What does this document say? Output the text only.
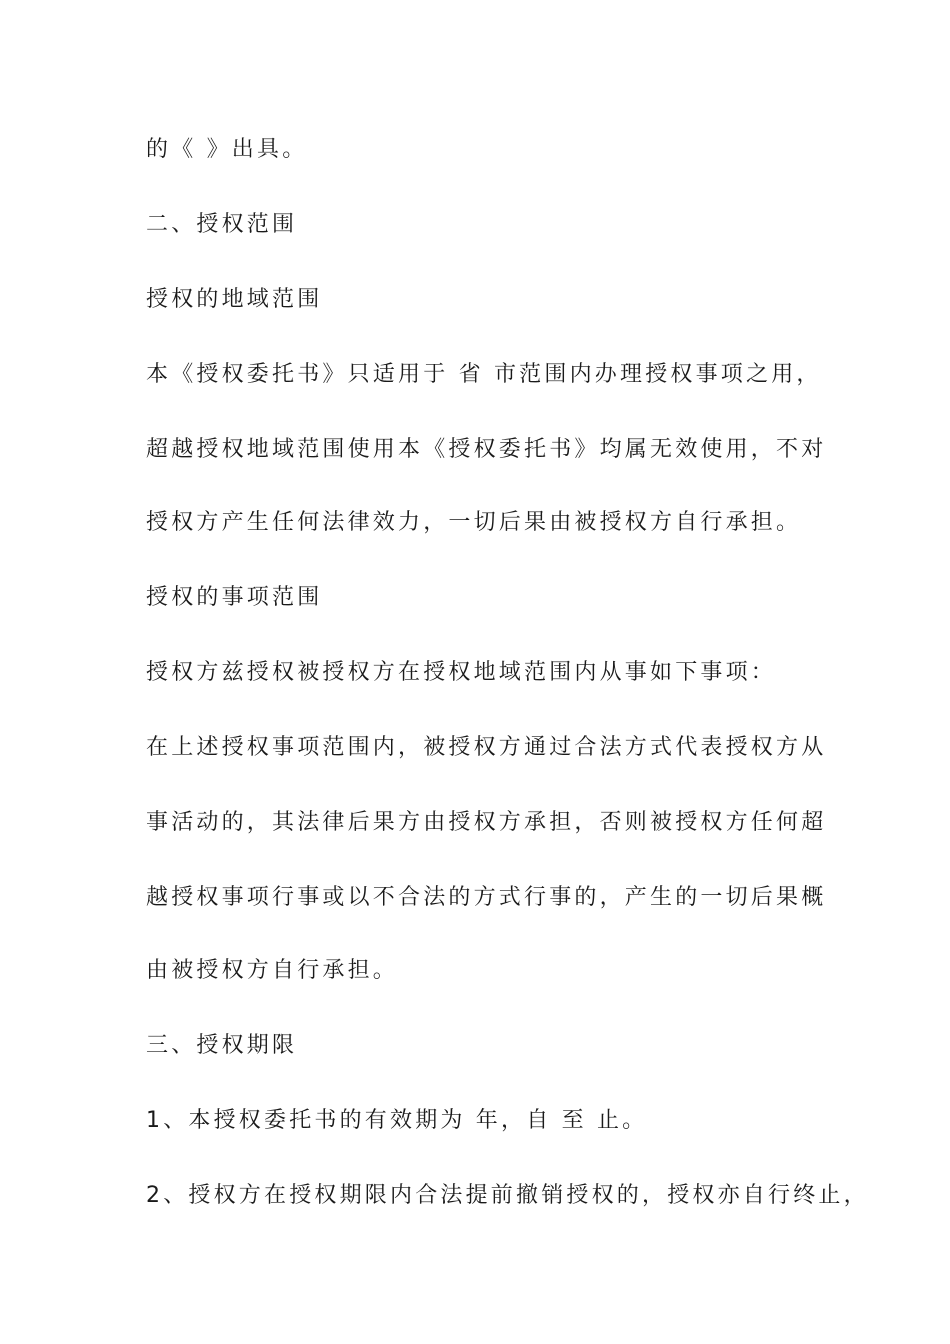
的《 》出具。

二、授权范围

授权的地域范围

本《授权委托书》只适用于 省 市范围内办理授权事项之用，

超越授权地域范围使用本《授权委托书》均属无效使用，不对

授权方产生任何法律效力，一切后果由被授权方自行承担。

授权的事项范围

授权方兹授权被授权方在授权地域范围内从事如下事项：

在上述授权事项范围内，被授权方通过合法方式代表授权方从

事活动的，其法律后果方由授权方承担，否则被授权方任何超

越授权事项行事或以不合法的方式行事的，产生的一切后果概

由被授权方自行承担。

三、授权期限

1、本授权委托书的有效期为 年，自 至 止。

2、授权方在授权期限内合法提前撤销授权的，授权亦自行终止，
